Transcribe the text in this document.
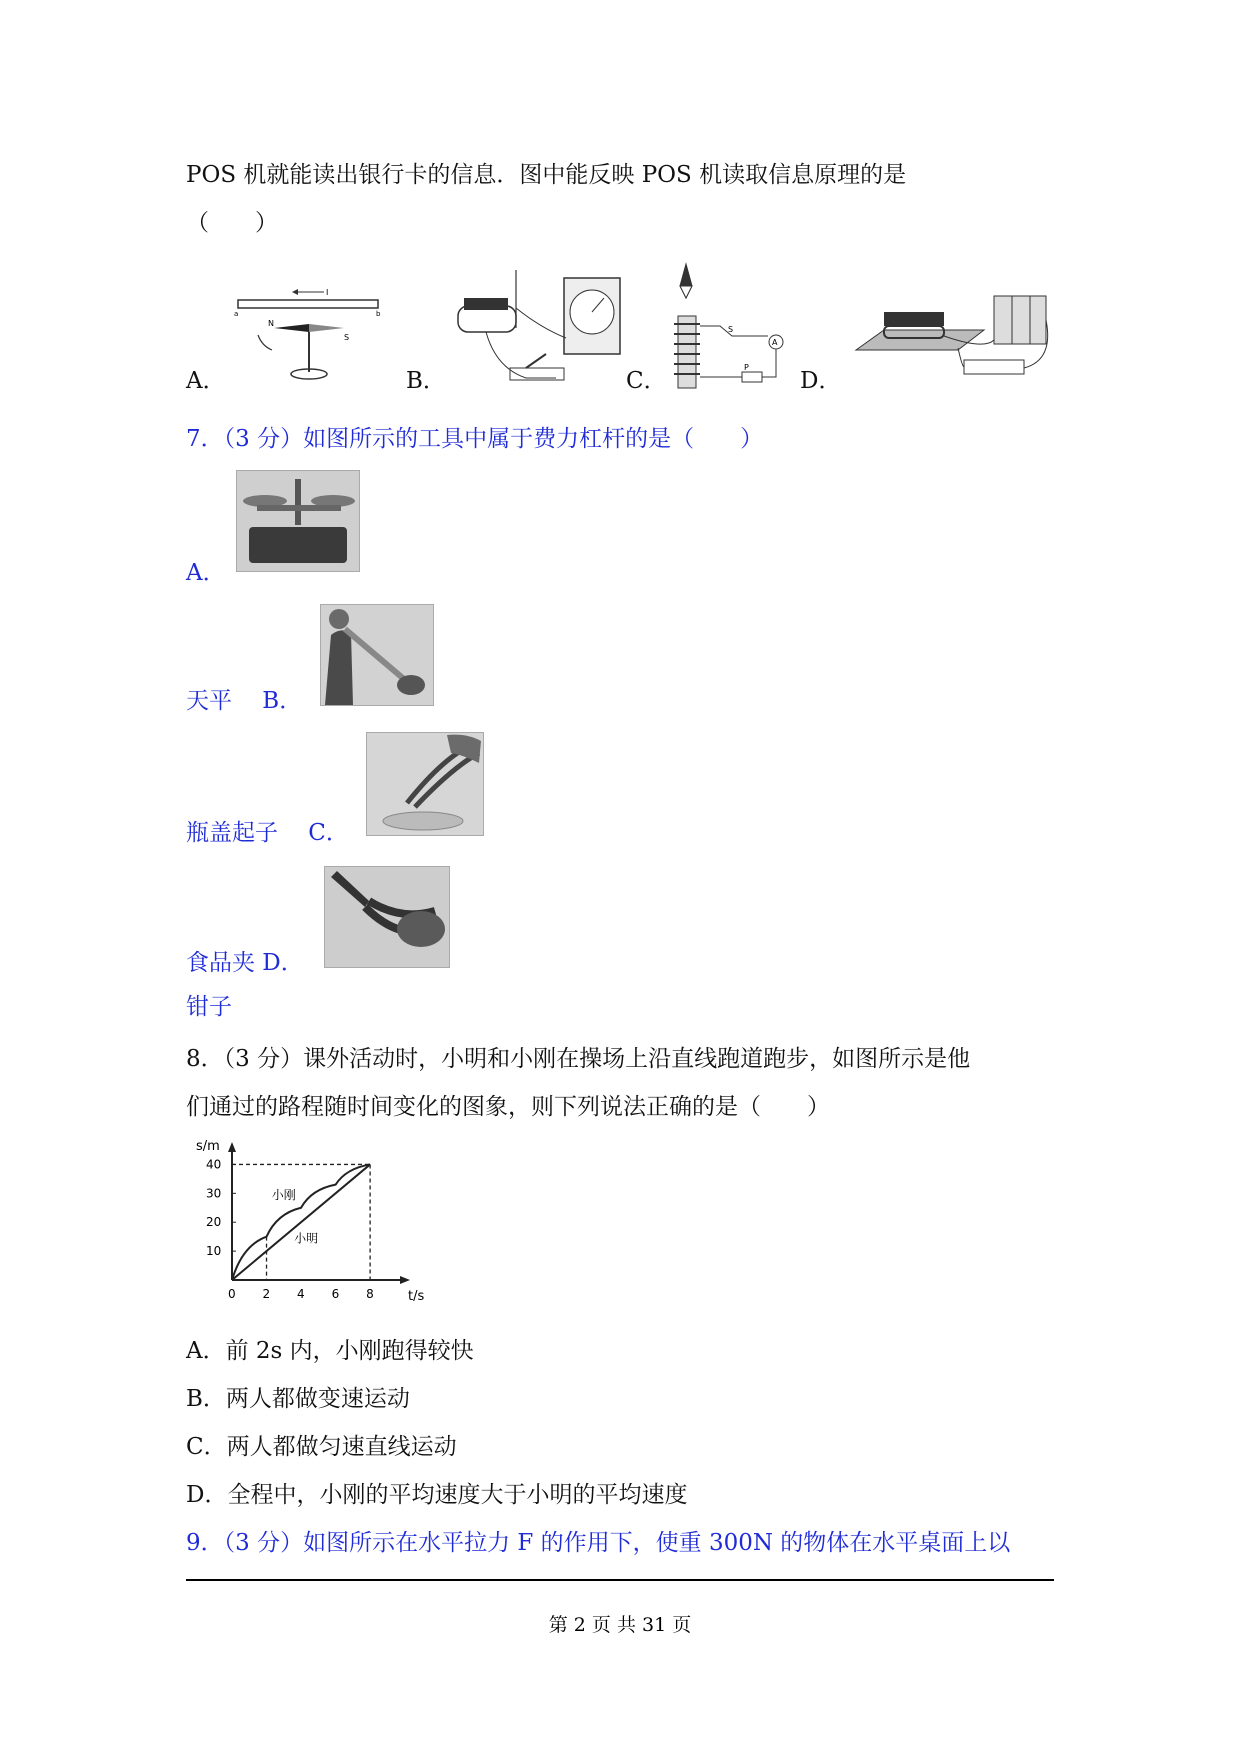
POS 机就能读出银行卡的信息．图中能反映 POS 机读取信息原理的是
（　　）
I
a	b
N
S
A．	B．
A
S
P
C．	D．
7．（3 分）如图所示的工具中属于费力杠杆的是（　　）
A．
天平　 B．
瓶盖起子　 C．
食品夹 D．
钳子
8．（3 分）课外活动时，小明和小刚在操场上沿直线跑道跑步，如图所示是他
们通过的路程随时间变化的图象，则下列说法正确的是（　　）
0 2 4 6 8
10
20
30
40
t/s
s/m
小刚
小明
A．前 2s 内，小刚跑得较快
B．两人都做变速运动
C．两人都做匀速直线运动
D．全程中，小刚的平均速度大于小明的平均速度
9．（3 分）如图所示在水平拉力 F 的作用下，使重 300N 的物体在水平桌面上以
第 2 页 共 31 页
